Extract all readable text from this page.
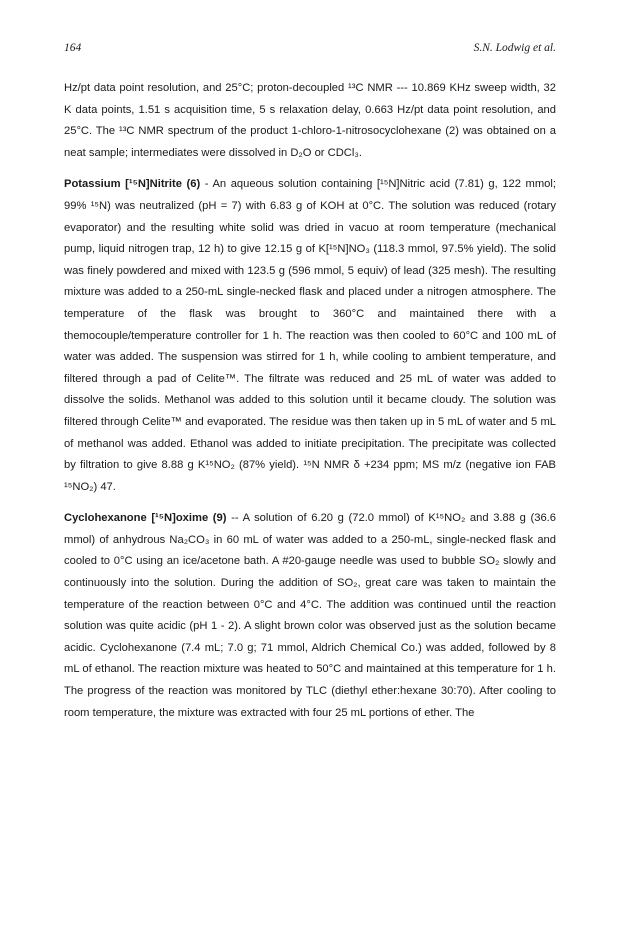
164	S.N. Lodwig et al.

Hz/pt data point resolution, and 25°C; proton-decoupled ¹³C NMR --- 10.869 KHz sweep width, 32 K data points, 1.51 s acquisition time, 5 s relaxation delay, 0.663 Hz/pt data point resolution, and 25°C. The ¹³C NMR spectrum of the product 1-chloro-1-nitrosocyclohexane (2) was obtained on a neat sample; intermediates were dissolved in D₂O or CDCl₃.

Potassium [¹⁵N]Nitrite (6) - An aqueous solution containing [¹⁵N]Nitric acid (7.81) g, 122 mmol; 99% ¹⁵N) was neutralized (pH = 7) with 6.83 g of KOH at 0°C. The solution was reduced (rotary evaporator) and the resulting white solid was dried in vacuo at room temperature (mechanical pump, liquid nitrogen trap, 12 h) to give 12.15 g of K[¹⁵N]NO₃ (118.3 mmol, 97.5% yield). The solid was finely powdered and mixed with 123.5 g (596 mmol, 5 equiv) of lead (325 mesh). The resulting mixture was added to a 250-mL single-necked flask and placed under a nitrogen atmosphere. The temperature of the flask was brought to 360°C and maintained there with a themocouple/temperature controller for 1 h. The reaction was then cooled to 60°C and 100 mL of water was added. The suspension was stirred for 1 h, while cooling to ambient temperature, and filtered through a pad of Celite™. The filtrate was reduced and 25 mL of water was added to dissolve the solids. Methanol was added to this solution until it became cloudy. The solution was filtered through Celite™ and evaporated. The residue was then taken up in 5 mL of water and 5 mL of methanol was added. Ethanol was added to initiate precipitation. The precipitate was collected by filtration to give 8.88 g K¹⁵NO₂ (87% yield). ¹⁵N NMR δ +234 ppm; MS m/z (negative ion FAB ¹⁵NO₂) 47.

Cyclohexanone [¹⁵N]oxime (9) -- A solution of 6.20 g (72.0 mmol) of K¹⁵NO₂ and 3.88 g (36.6 mmol) of anhydrous Na₂CO₃ in 60 mL of water was added to a 250-mL, single-necked flask and cooled to 0°C using an ice/acetone bath. A #20-gauge needle was used to bubble SO₂ slowly and continuously into the solution. During the addition of SO₂, great care was taken to maintain the temperature of the reaction between 0°C and 4°C. The addition was continued until the reaction solution was quite acidic (pH 1 - 2). A slight brown color was observed just as the solution became acidic. Cyclohexanone (7.4 mL; 7.0 g; 71 mmol, Aldrich Chemical Co.) was added, followed by 8 mL of ethanol. The reaction mixture was heated to 50°C and maintained at this temperature for 1 h. The progress of the reaction was monitored by TLC (diethyl ether:hexane 30:70). After cooling to room temperature, the mixture was extracted with four 25 mL portions of ether. The
